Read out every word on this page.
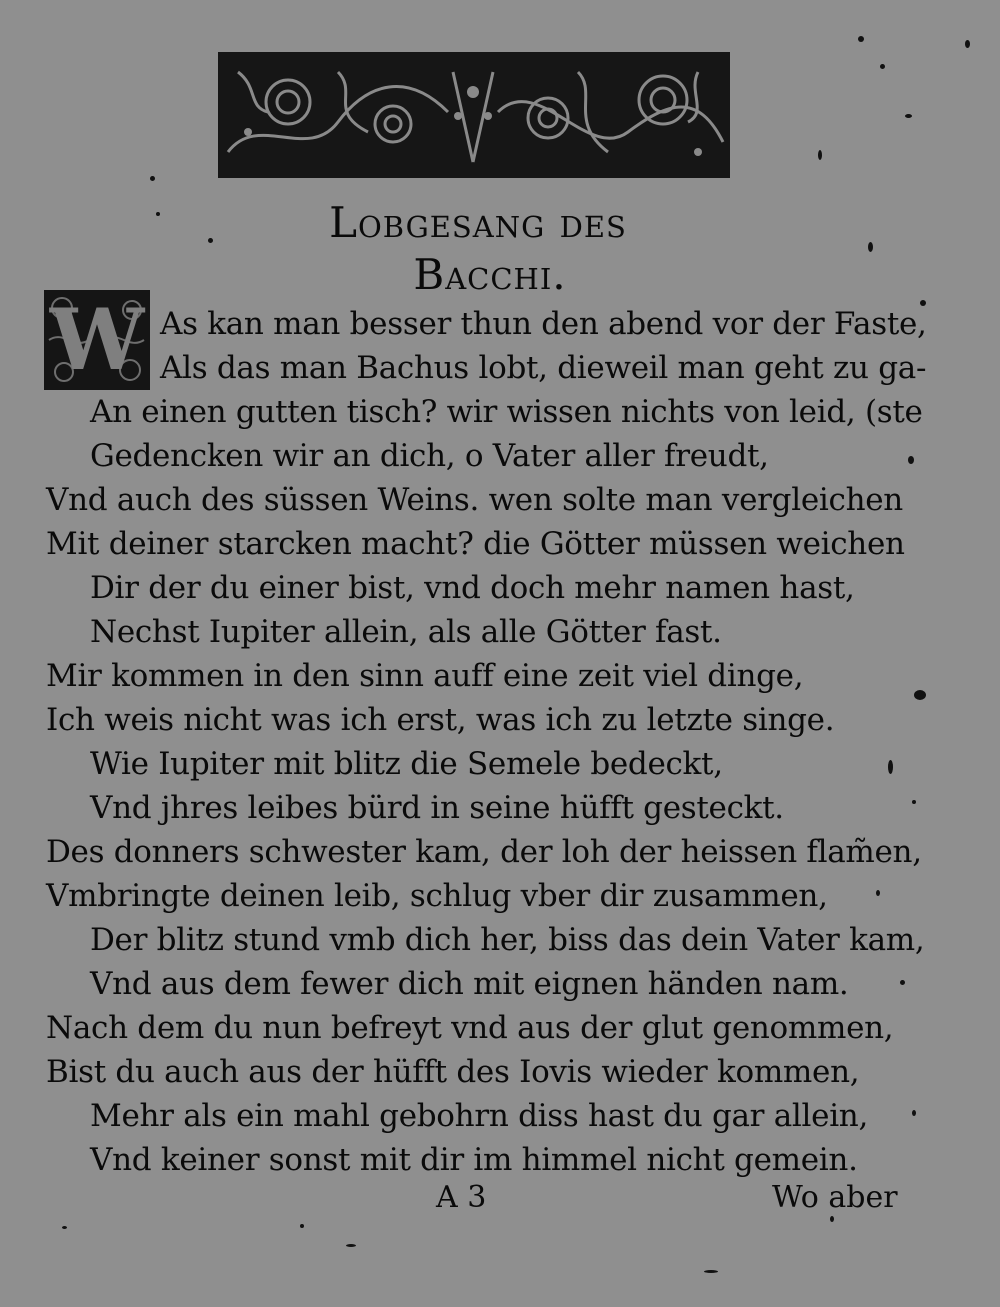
Lobgesang des
Bacchi.
W As kan man besser thun den abend vor der Faste,
Als das man Bachus lobt, dieweil man geht zu ga-
An einen gutten tisch? wir wissen nichts von leid, (ste
Gedencken wir an dich, o Vater aller freudt,
Vnd auch des süssen Weins. wen solte man vergleichen
Mit deiner starcken macht? die Götter müssen weichen
Dir der du einer bist, vnd doch mehr namen hast,
Nechst Iupiter allein, als alle Götter fast.
Mir kommen in den sinn auff eine zeit viel dinge,
Ich weis nicht was ich erst, was ich zu letzte singe.
Wie Iupiter mit blitz die Semele bedeckt,
Vnd jhres leibes bürd in seine hüfft gesteckt.
Des donners schwester kam, der loh der heissen flam̃en,
Vmbringte deinen leib, schlug vber dir zusammen,
Der blitz stund vmb dich her, biss das dein Vater kam,
Vnd aus dem fewer dich mit eignen händen nam.
Nach dem du nun befreyt vnd aus der glut genommen,
Bist du auch aus der hüfft des Iovis wieder kommen,
Mehr als ein mahl gebohrn diss hast du gar allein,
Vnd keiner sonst mit dir im himmel nicht gemein.
A 3	Wo aber
